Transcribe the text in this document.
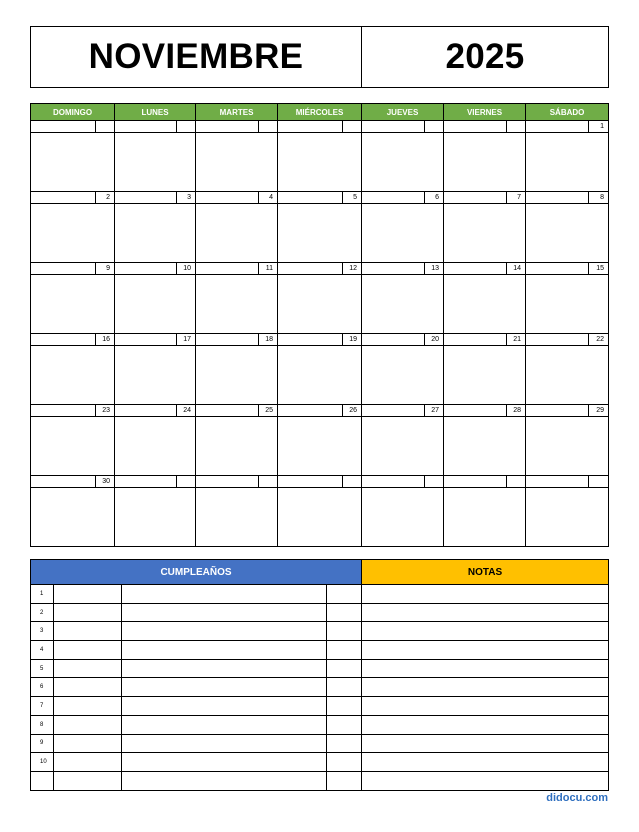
NOVIEMBRE	2025
DOMINGO		LUNES		MARTES		MIÉRCOLES		JUEVES		VIERNES		SÁBADO	
													1

	2		3		4		5		6		7		8

	9		10		11		12		13		14		15

	16		17		18		19		20		21		22

	23		24		25		26		27		28		29

	30												

CUMPLEAÑOS				NOTAS
1				
2				
3				
4				
5				
6				
7				
8				
9				
10				

didocu.com
